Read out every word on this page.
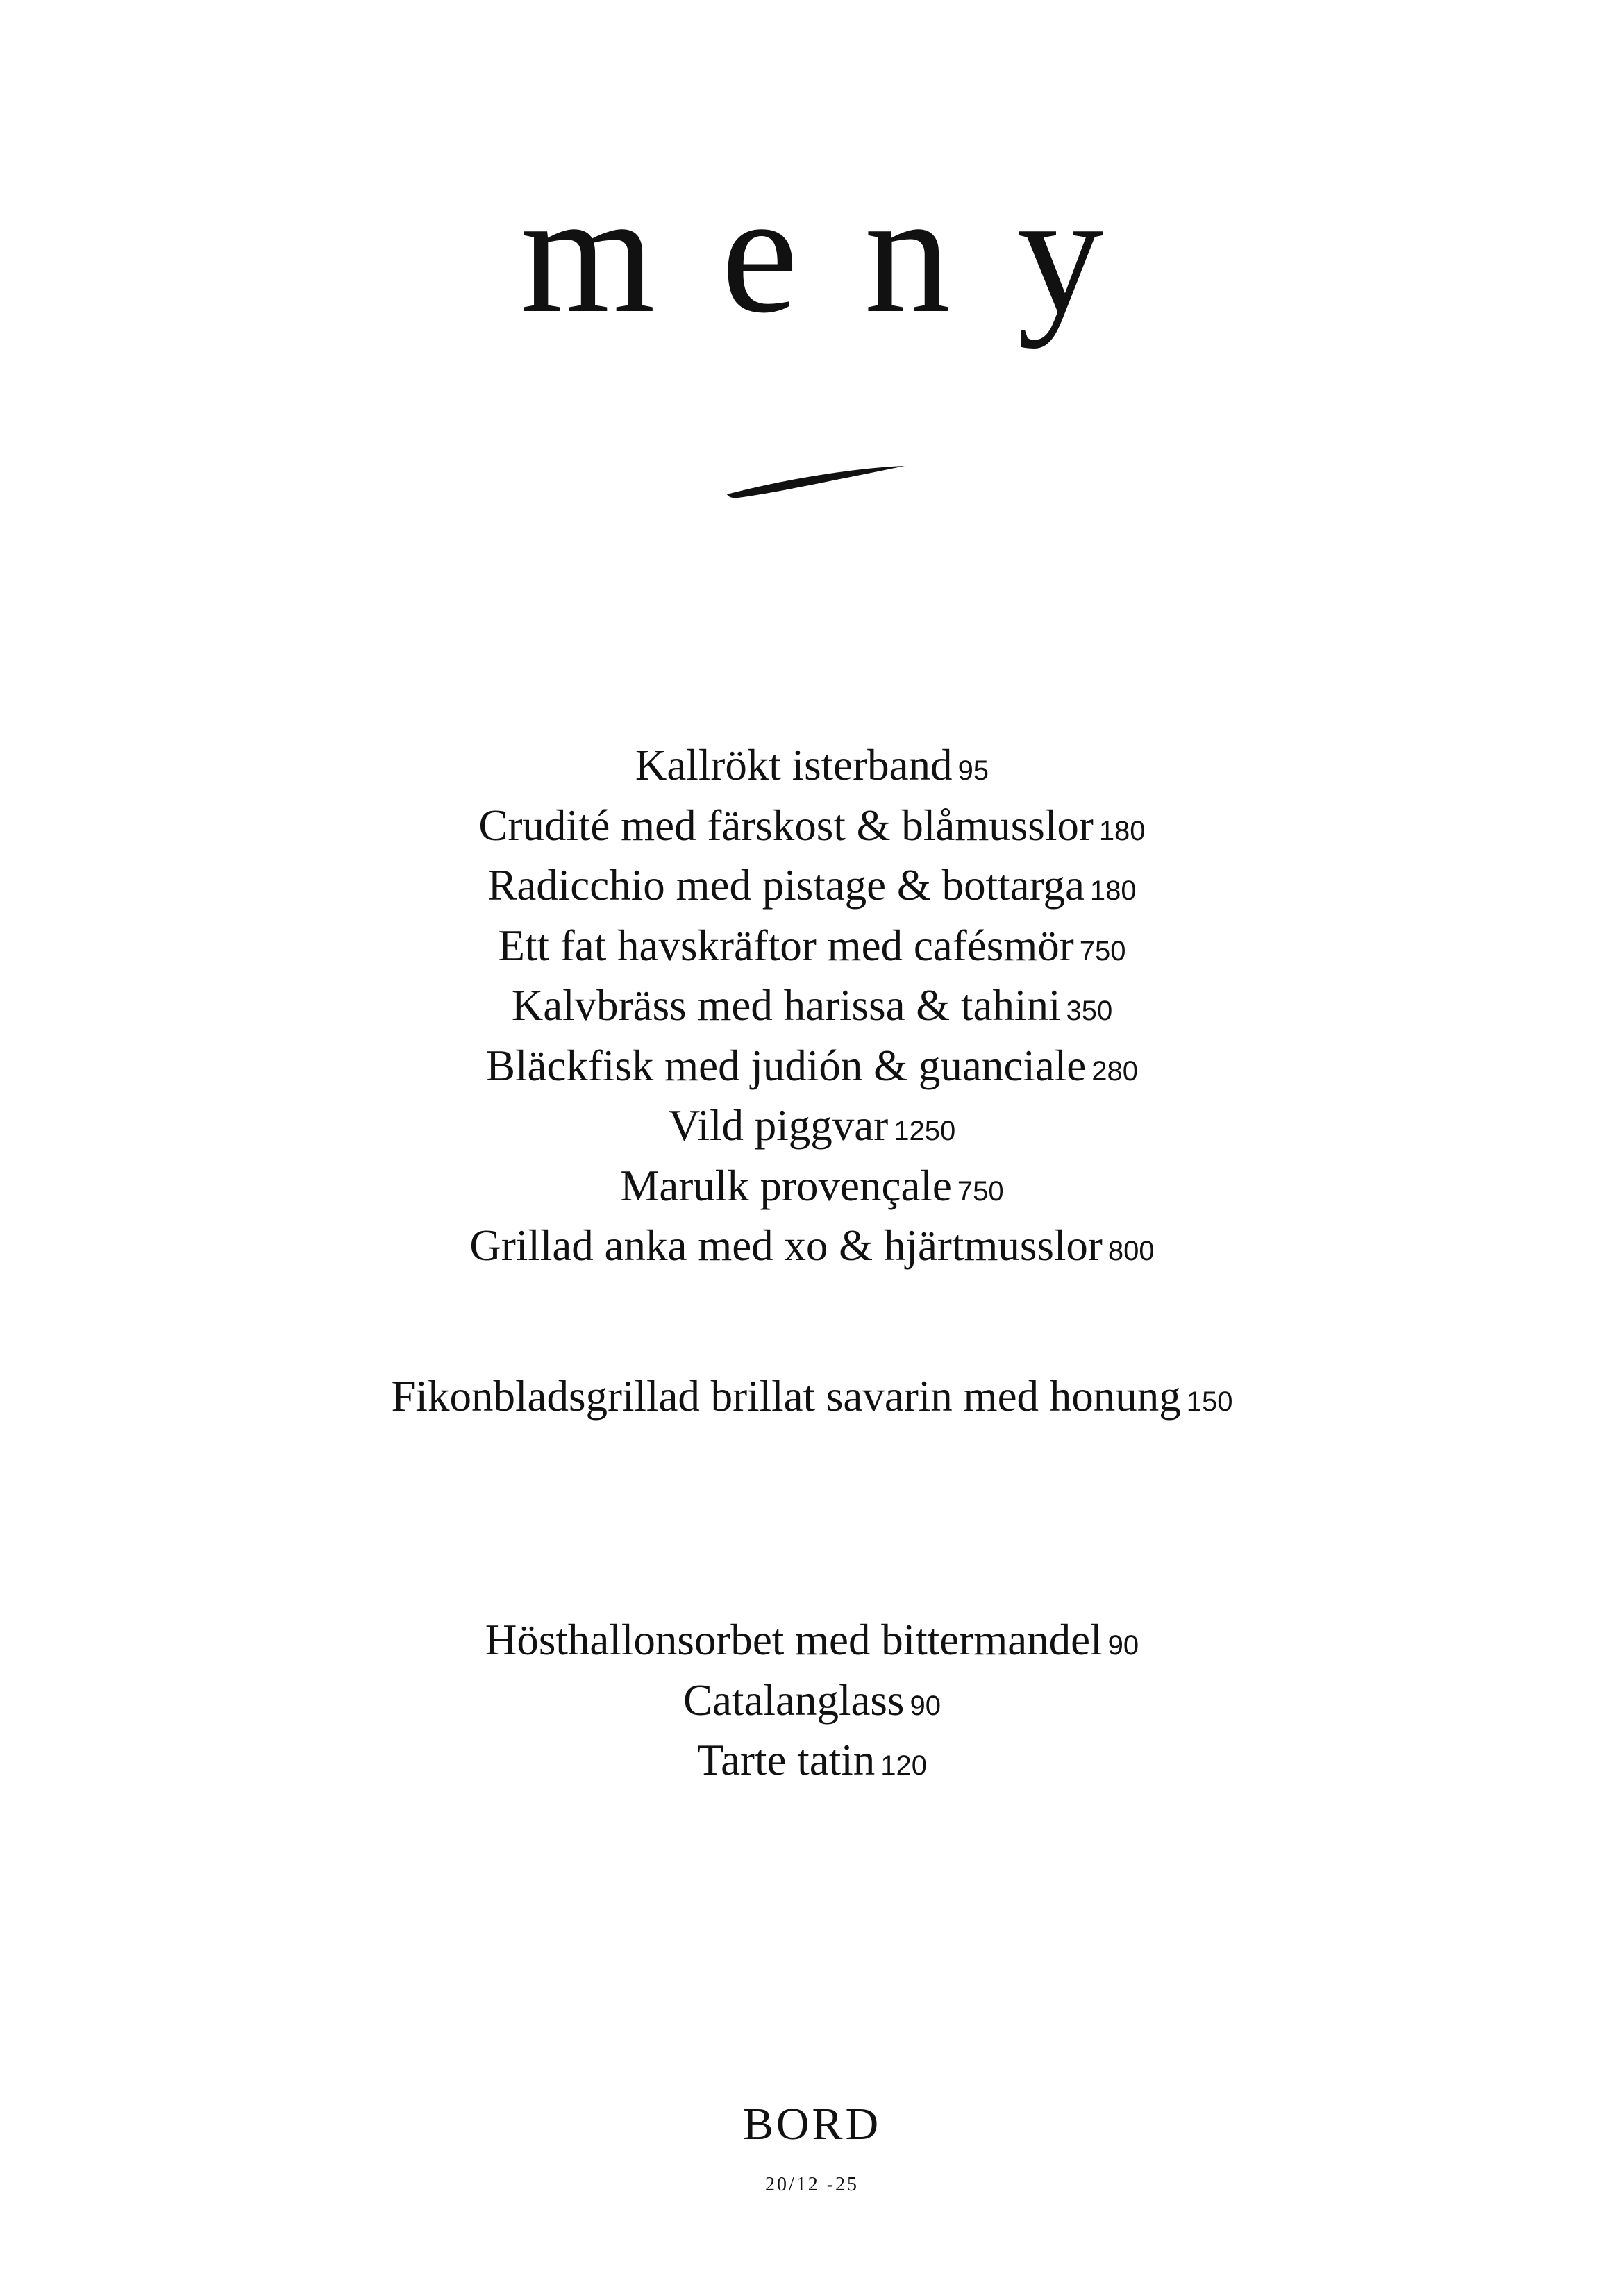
meny
Kallrökt isterband 95
Crudité med färskost & blåmusslor 180
Radicchio med pistage & bottarga 180
Ett fat havskräftor med cafésmör 750
Kalvbräss med harissa & tahini 350
Bläckfisk med judión & guanciale 280
Vild piggvar 1250
Marulk provençale 750
Grillad anka med xo & hjärtmusslor 800
Fikonbladsgrillad brillat savarin med honung 150
Hösthallonsorbet med bittermandel 90
Catalanglass 90
Tarte tatin 120
BORD
20/12 -25
